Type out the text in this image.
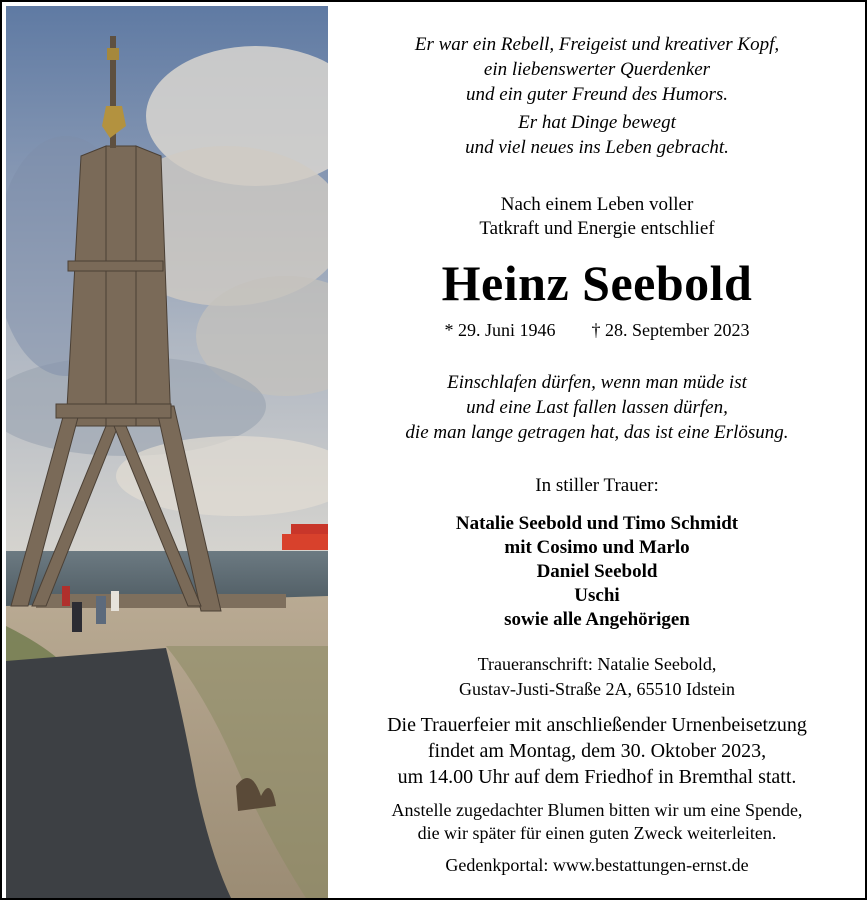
Er war ein Rebell, Freigeist und kreativer Kopf,
ein liebenswerter Querdenker
und ein guter Freund des Humors.
Er hat Dinge bewegt
und viel neues ins Leben gebracht.
Nach einem Leben voller
Tatkraft und Energie entschlief
Heinz Seebold
* 29. Juni 1946 † 28. September 2023
Einschlafen dürfen, wenn man müde ist
und eine Last fallen lassen dürfen,
die man lange getragen hat, das ist eine Erlösung.
In stiller Trauer:
Natalie Seebold und Timo Schmidt
mit Cosimo und Marlo
Daniel Seebold
Uschi
sowie alle Angehörigen
Traueranschrift: Natalie Seebold,
Gustav-Justi-Straße 2A, 65510 Idstein
Die Trauerfeier mit anschließender Urnenbeisetzung
findet am Montag, dem 30. Oktober 2023,
um 14.00 Uhr auf dem Friedhof in Bremthal statt.
Anstelle zugedachter Blumen bitten wir um eine Spende,
die wir später für einen guten Zweck weiterleiten.
Gedenkportal: www.bestattungen-ernst.de
